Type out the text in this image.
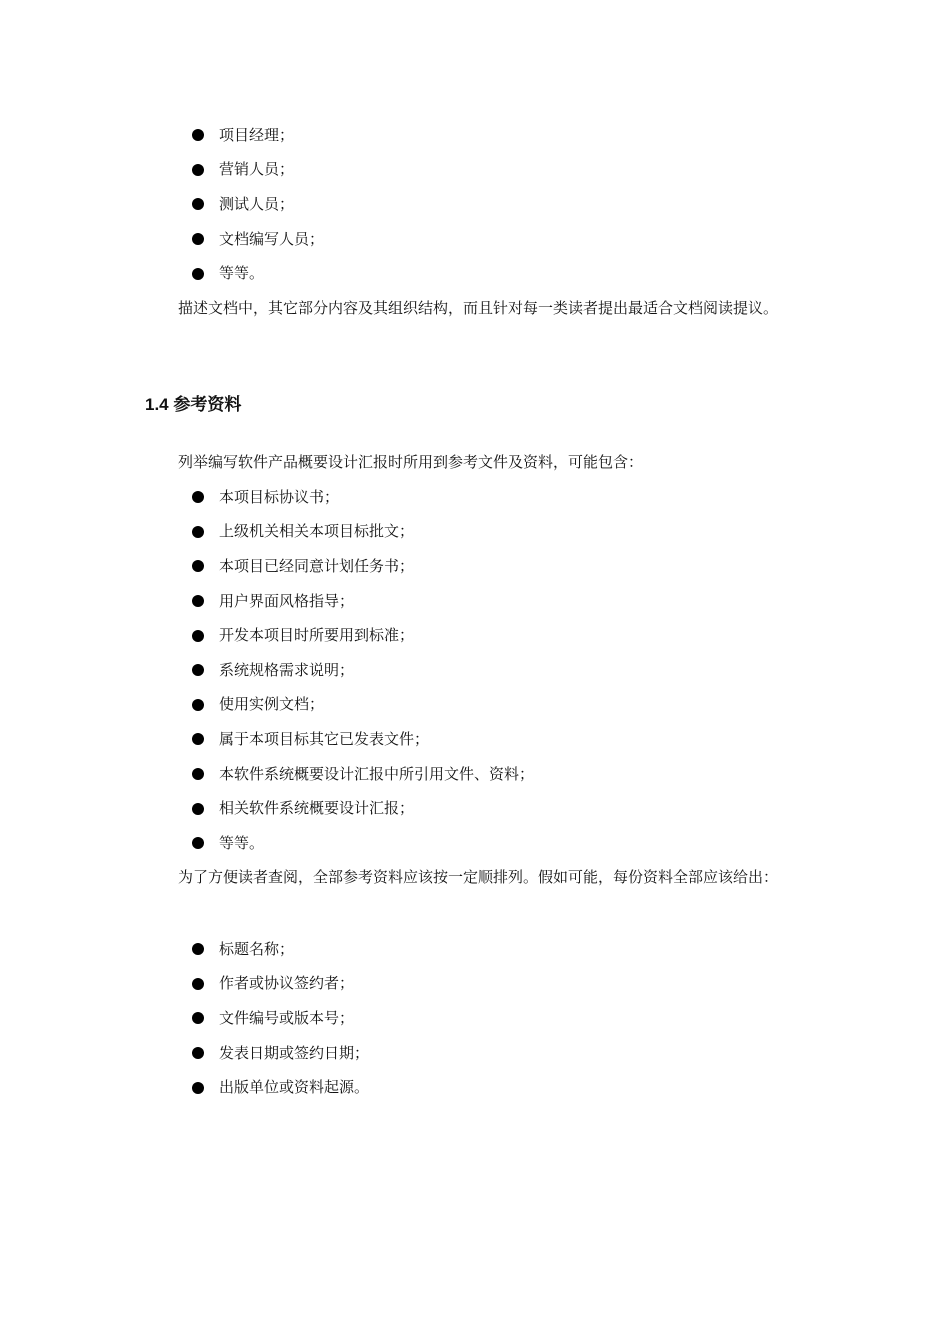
项目经理；
营销人员；
测试人员；
文档编写人员；
等等。

描述文档中，其它部分内容及其组织结构，而且针对每一类读者提出最适合文档阅读提议。

1.4 参考资料

列举编写软件产品概要设计汇报时所用到参考文件及资料，可能包含：

本项目标协议书；
上级机关相关本项目标批文；
本项目已经同意计划任务书；
用户界面风格指导；
开发本项目时所要用到标准；
系统规格需求说明；
使用实例文档；
属于本项目标其它已发表文件；
本软件系统概要设计汇报中所引用文件、资料；
相关软件系统概要设计汇报；
等等。

为了方便读者查阅，全部参考资料应该按一定顺排列。假如可能，每份资料全部应该给出：

标题名称；
作者或协议签约者；
文件编号或版本号；
发表日期或签约日期；
出版单位或资料起源。
